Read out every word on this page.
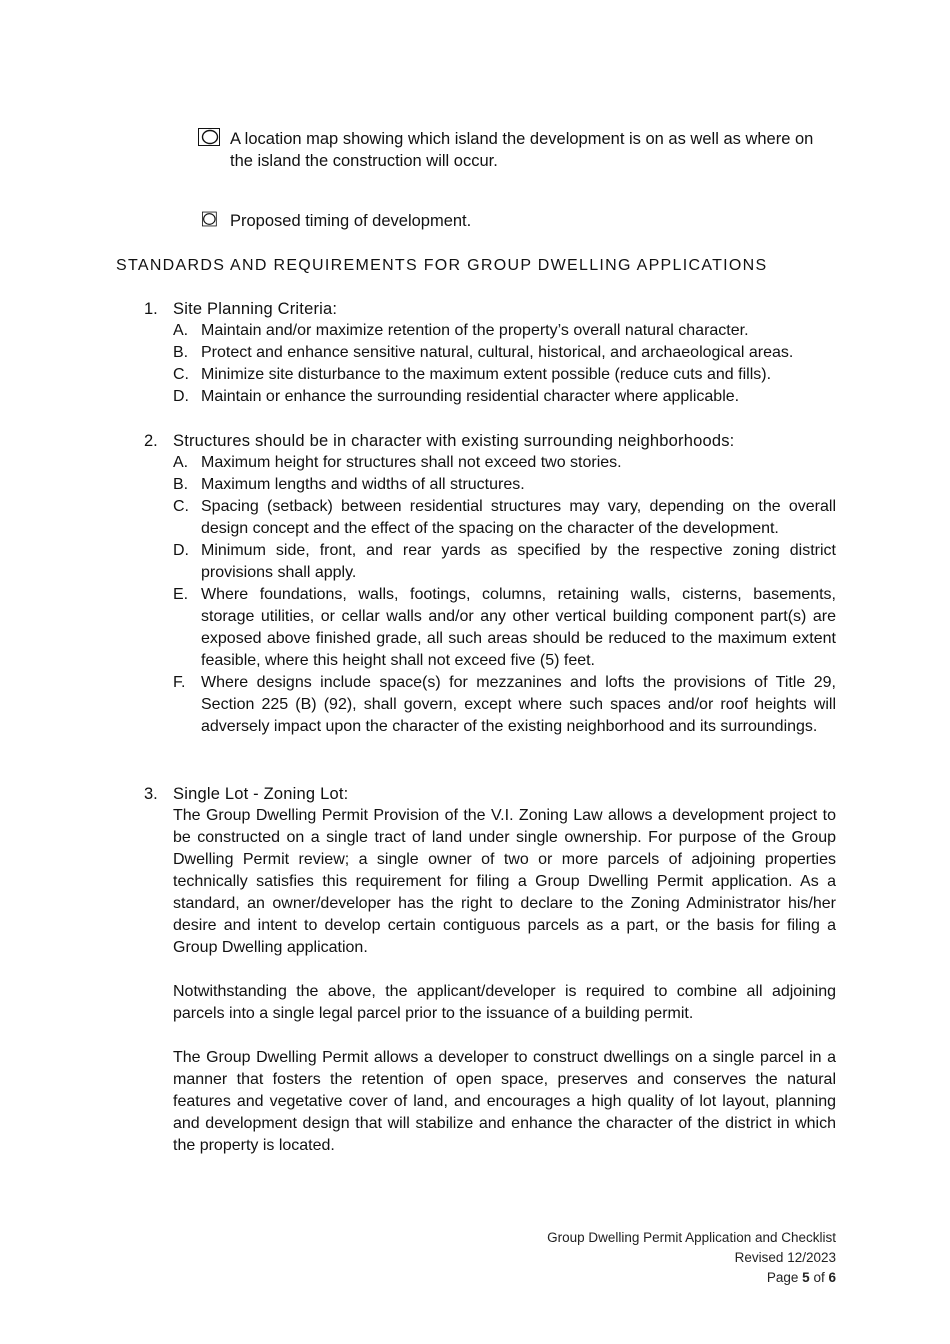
A location map showing which island the development is on as well as where on the island the construction will occur.
Proposed timing of development.
STANDARDS AND REQUIREMENTS FOR GROUP DWELLING APPLICATIONS
1. Site Planning Criteria:
A. Maintain and/or maximize retention of the property’s overall natural character.
B. Protect and enhance sensitive natural, cultural, historical, and archaeological areas.
C. Minimize site disturbance to the maximum extent possible (reduce cuts and fills).
D. Maintain or enhance the surrounding residential character where applicable.
2. Structures should be in character with existing surrounding neighborhoods:
A. Maximum height for structures shall not exceed two stories.
B. Maximum lengths and widths of all structures.
C. Spacing (setback) between residential structures may vary, depending on the overall design concept and the effect of the spacing on the character of the development.
D. Minimum side, front, and rear yards as specified by the respective zoning district provisions shall apply.
E. Where foundations, walls, footings, columns, retaining walls, cisterns, basements, storage utilities, or cellar walls and/or any other vertical building component part(s) are exposed above finished grade, all such areas should be reduced to the maximum extent feasible, where this height shall not exceed five (5) feet.
F. Where designs include space(s) for mezzanines and lofts the provisions of Title 29, Section 225 (B) (92), shall govern, except where such spaces and/or roof heights will adversely impact upon the character of the existing neighborhood and its surroundings.
3. Single Lot - Zoning Lot:

The Group Dwelling Permit Provision of the V.I. Zoning Law allows a development project to be constructed on a single tract of land under single ownership. For purpose of the Group Dwelling Permit review; a single owner of two or more parcels of adjoining properties technically satisfies this requirement for filing a Group Dwelling Permit application. As a standard, an owner/developer has the right to declare to the Zoning Administrator his/her desire and intent to develop certain contiguous parcels as a part, or the basis for filing a Group Dwelling application.

Notwithstanding the above, the applicant/developer is required to combine all adjoining parcels into a single legal parcel prior to the issuance of a building permit.

The Group Dwelling Permit allows a developer to construct dwellings on a single parcel in a manner that fosters the retention of open space, preserves and conserves the natural features and vegetative cover of land, and encourages a high quality of lot layout, planning and development design that will stabilize and enhance the character of the district in which the property is located.

Group Dwelling Permit Application and Checklist
Revised 12/2023
Page 5 of 6
